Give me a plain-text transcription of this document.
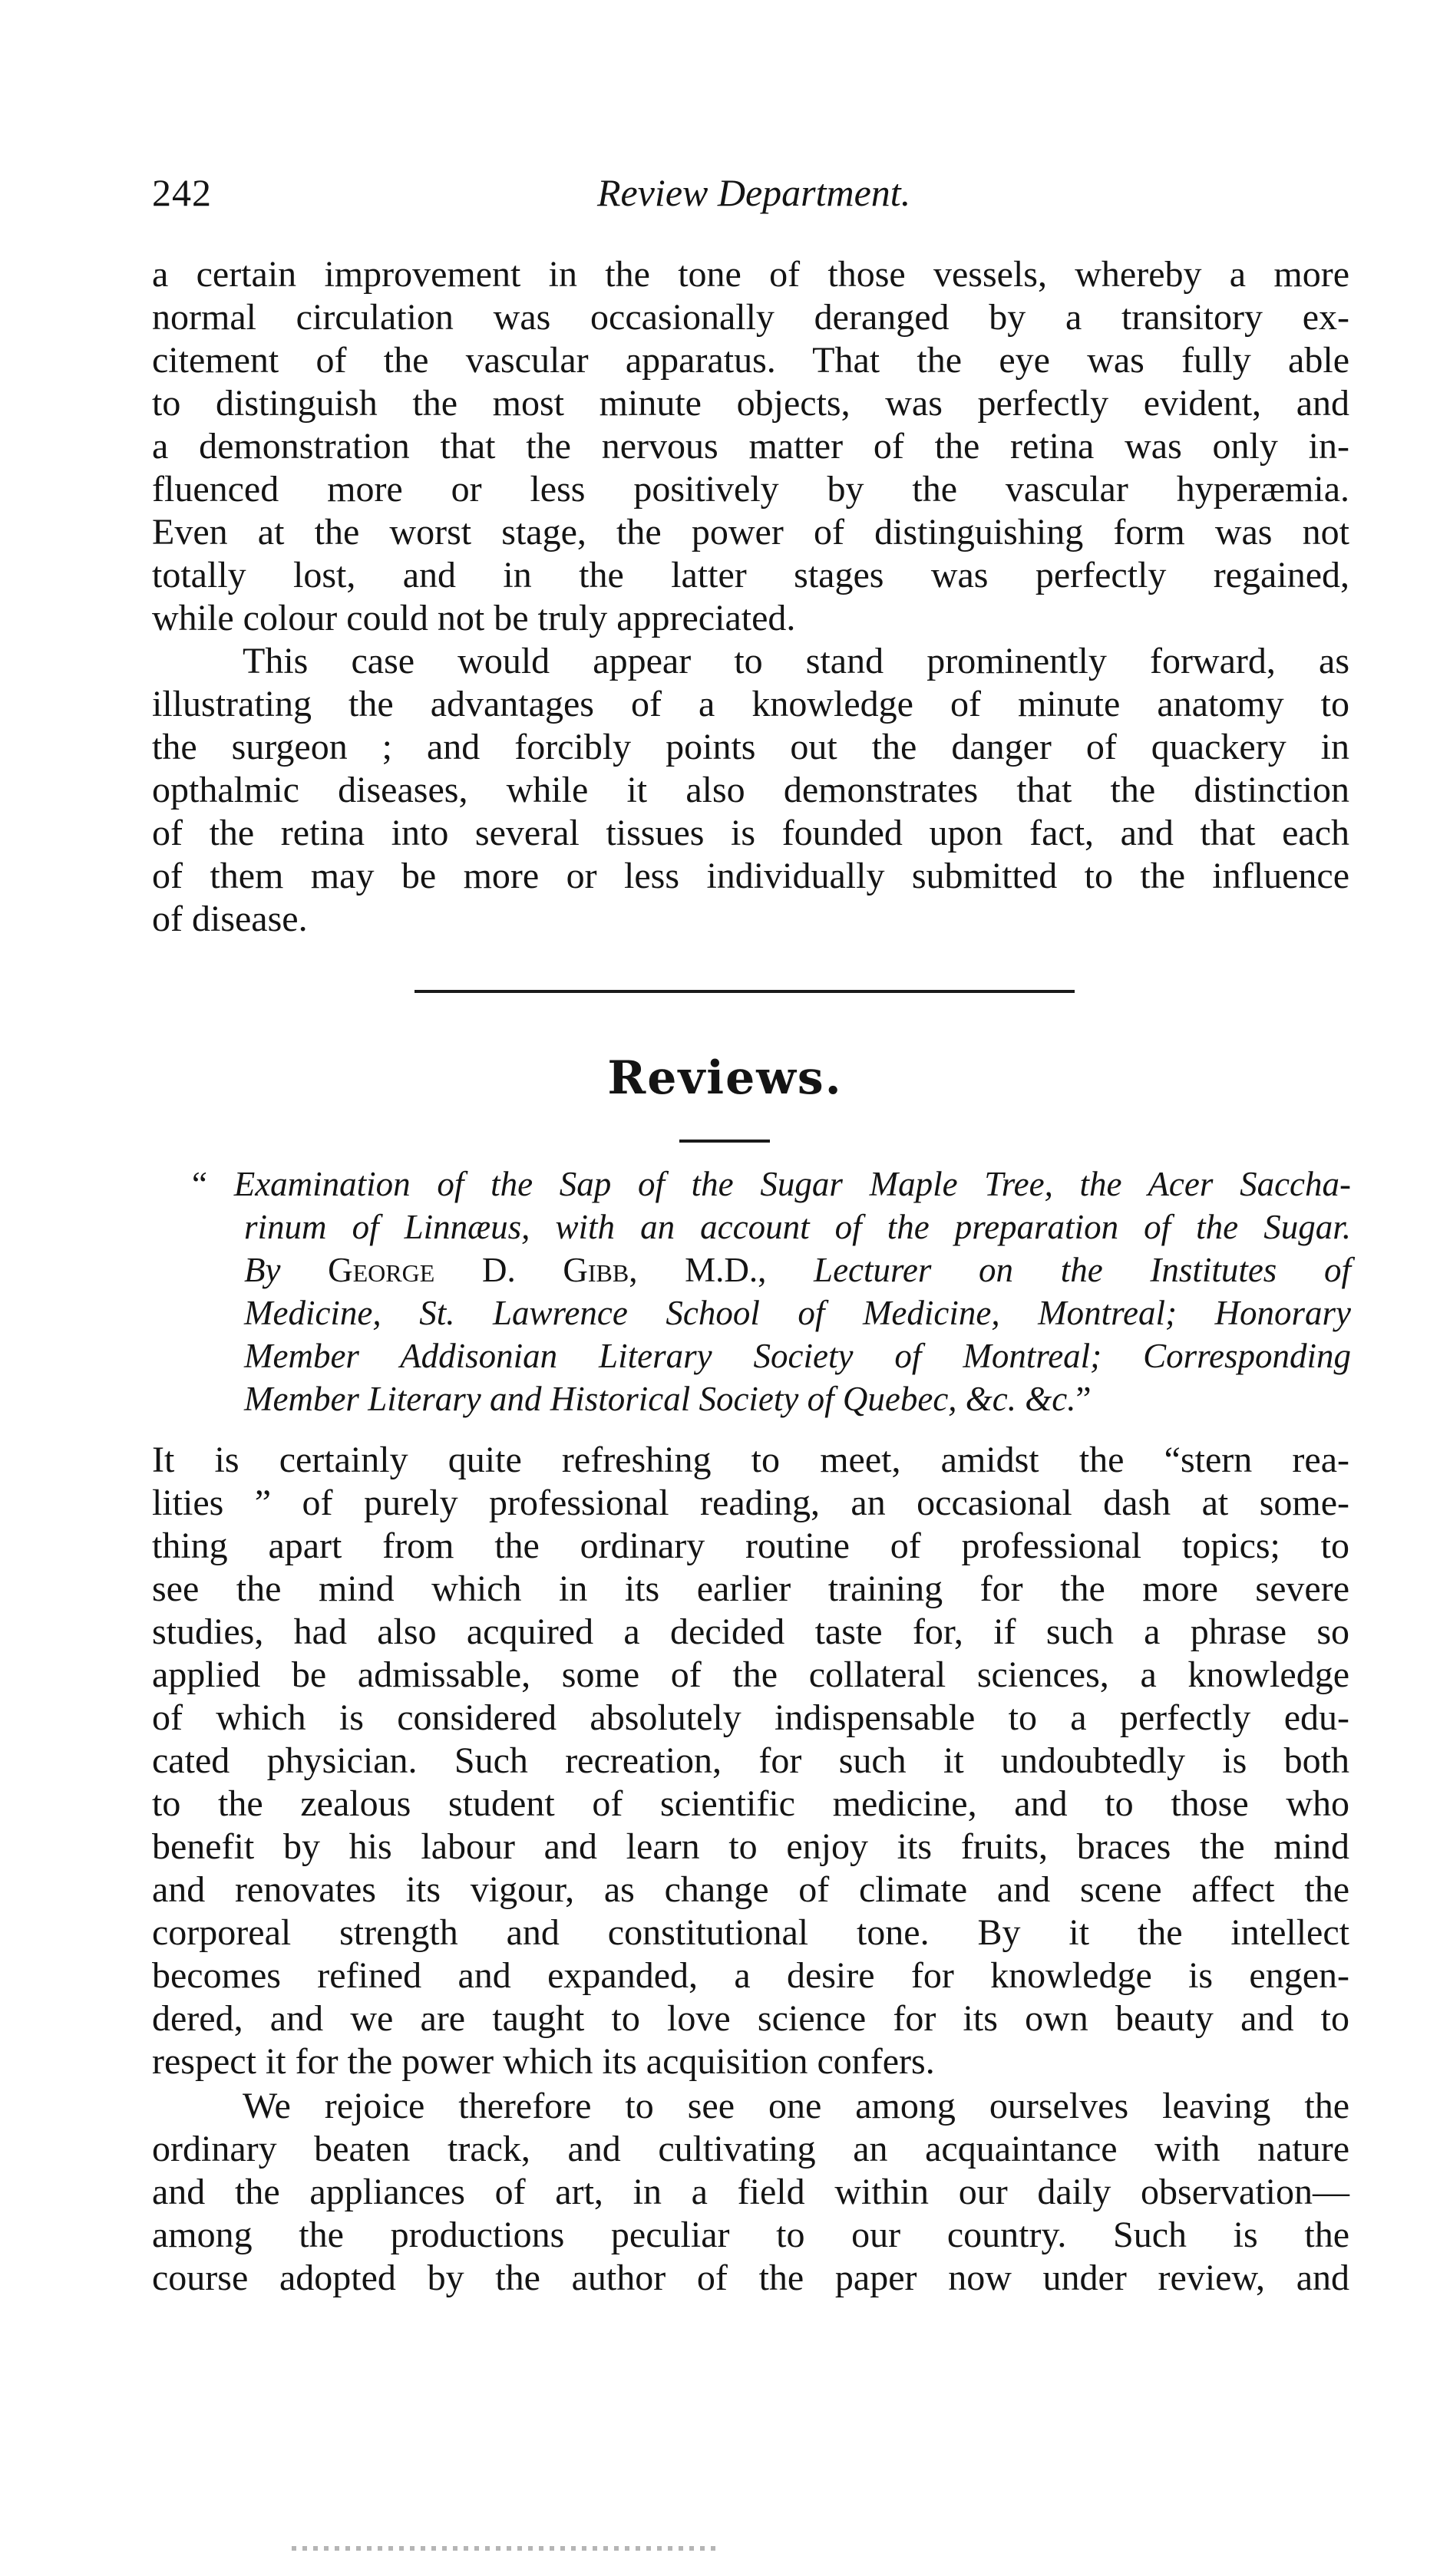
242	Review Department.
a certain improvement in the tone of those vessels, whereby a more
normal circulation was occasionally deranged by a transitory ex-
citement of the vascular apparatus. That the eye was fully able
to distinguish the most minute objects, was perfectly evident, and
a demonstration that the nervous matter of the retina was only in-
fluenced more or less positively by the vascular hyperæmia.
Even at the worst stage, the power of distinguishing form was not
totally lost, and in the latter stages was perfectly regained,
while colour could not be truly appreciated.
This case would appear to stand prominently forward, as
illustrating the advantages of a knowledge of minute anatomy to
the surgeon ; and forcibly points out the danger of quackery in
opthalmic diseases, while it also demonstrates that the distinction
of the retina into several tissues is founded upon fact, and that each
of them may be more or less individually submitted to the influence
of disease.
Reviews.
“ Examination of the Sap of the Sugar Maple Tree, the Acer Saccha-
rinum of Linnæus, with an account of the preparation of the Sugar.
By George D. Gibb, M.D., Lecturer on the Institutes of
Medicine, St. Lawrence School of Medicine, Montreal; Honorary
Member Addisonian Literary Society of Montreal; Corresponding
Member Literary and Historical Society of Quebec, &c. &c.”
It is certainly quite refreshing to meet, amidst the “stern rea-
lities ” of purely professional reading, an occasional dash at some-
thing apart from the ordinary routine of professional topics; to
see the mind which in its earlier training for the more severe
studies, had also acquired a decided taste for, if such a phrase so
applied be admissable, some of the collateral sciences, a knowledge
of which is considered absolutely indispensable to a perfectly edu-
cated physician. Such recreation, for such it undoubtedly is both
to the zealous student of scientific medicine, and to those who
benefit by his labour and learn to enjoy its fruits, braces the mind
and renovates its vigour, as change of climate and scene affect the
corporeal strength and constitutional tone. By it the intellect
becomes refined and expanded, a desire for knowledge is engen-
dered, and we are taught to love science for its own beauty and to
respect it for the power which its acquisition confers.
We rejoice therefore to see one among ourselves leaving the
ordinary beaten track, and cultivating an acquaintance with nature
and the appliances of art, in a field within our daily observation—
among the productions peculiar to our country. Such is the
course adopted by the author of the paper now under review, and
